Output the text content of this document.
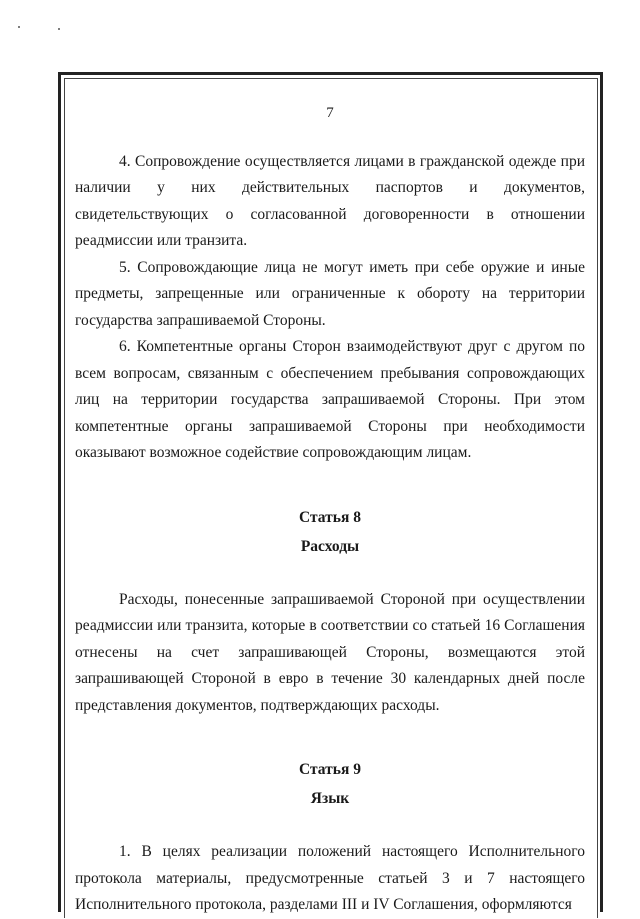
7

4. Сопровождение осуществляется лицами в гражданской одежде при наличии у них действительных паспортов и документов, свидетельствующих о согласованной договоренности в отношении реадмиссии или транзита.

5. Сопровождающие лица не могут иметь при себе оружие и иные предметы, запрещенные или ограниченные к обороту на территории государства запрашиваемой Стороны.

6. Компетентные органы Сторон взаимодействуют друг с другом по всем вопросам, связанным с обеспечением пребывания сопровождающих лиц на территории государства запрашиваемой Стороны. При этом компетентные органы запрашиваемой Стороны при необходимости оказывают возможное содействие сопровождающим лицам.

Статья 8
Расходы

Расходы, понесенные запрашиваемой Стороной при осуществлении реадмиссии или транзита, которые в соответствии со статьей 16 Соглашения отнесены на счет запрашивающей Стороны, возмещаются этой запрашивающей Стороной в евро в течение 30 календарных дней после представления документов, подтверждающих расходы.

Статья 9
Язык

1. В целях реализации положений настоящего Исполнительного протокола материалы, предусмотренные статьей 3 и 7 настоящего Исполнительного протокола, разделами III и IV Соглашения, оформляются
